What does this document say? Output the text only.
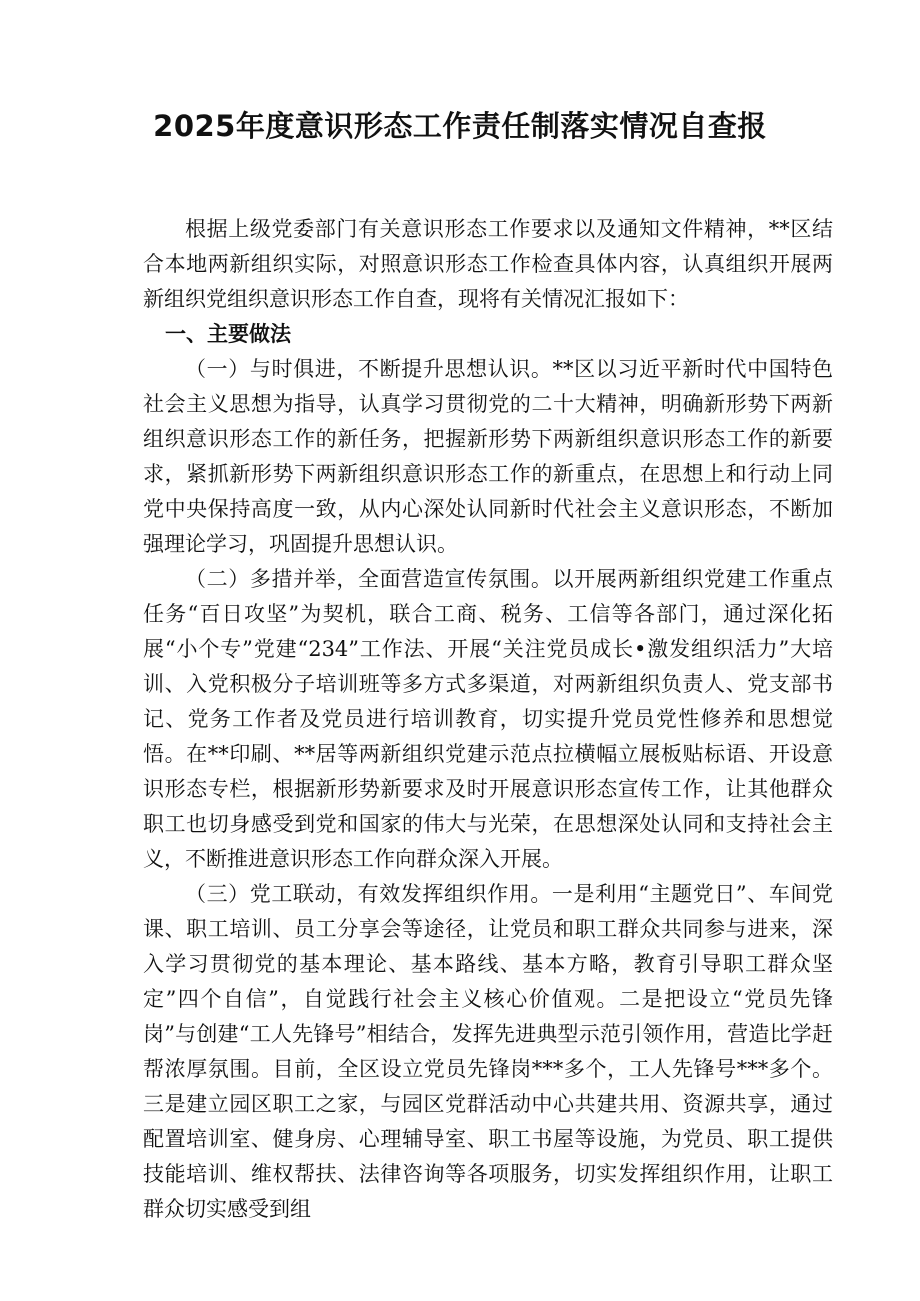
2025年度意识形态工作责任制落实情况自查报

根据上级党委部门有关意识形态工作要求以及通知文件精神，**区结合本地两新组织实际，对照意识形态工作检查具体内容，认真组织开展两新组织党组织意识形态工作自查，现将有关情况汇报如下：

一、主要做法

（一）与时俱进，不断提升思想认识。**区以习近平新时代中国特色社会主义思想为指导，认真学习贯彻党的二十大精神，明确新形势下两新组织意识形态工作的新任务，把握新形势下两新组织意识形态工作的新要求，紧抓新形势下两新组织意识形态工作的新重点，在思想上和行动上同党中央保持高度一致，从内心深处认同新时代社会主义意识形态，不断加强理论学习，巩固提升思想认识。

（二）多措并举，全面营造宣传氛围。以开展两新组织党建工作重点任务“百日攻坚”为契机，联合工商、税务、工信等各部门，通过深化拓展“小个专”党建“234”工作法、开展“关注党员成长•激发组织活力”大培训、入党积极分子培训班等多方式多渠道，对两新组织负责人、党支部书记、党务工作者及党员进行培训教育，切实提升党员党性修养和思想觉悟。在**印刷、**居等两新组织党建示范点拉横幅立展板贴标语、开设意识形态专栏，根据新形势新要求及时开展意识形态宣传工作，让其他群众职工也切身感受到党和国家的伟大与光荣，在思想深处认同和支持社会主义，不断推进意识形态工作向群众深入开展。

（三）党工联动，有效发挥组织作用。一是利用“主题党日”、车间党课、职工培训、员工分享会等途径，让党员和职工群众共同参与进来，深入学习贯彻党的基本理论、基本路线、基本方略，教育引导职工群众坚定”四个自信”，自觉践行社会主义核心价值观。二是把设立“党员先锋岗”与创建“工人先锋号”相结合，发挥先进典型示范引领作用，营造比学赶帮浓厚氛围。目前，全区设立党员先锋岗***多个，工人先锋号***多个。三是建立园区职工之家，与园区党群活动中心共建共用、资源共享，通过配置培训室、健身房、心理辅导室、职工书屋等设施，为党员、职工提供技能培训、维权帮扶、法律咨询等各项服务，切实发挥组织作用，让职工群众切实感受到组
